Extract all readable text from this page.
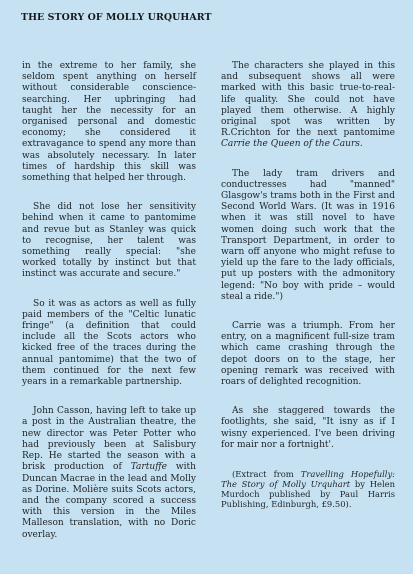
THE STORY OF MOLLY URQUHART

in the extreme to her family, she seldom spent anything on herself without considerable conscience-searching. Her upbringing had taught her the necessity for an organised personal and domestic economy; she considered it extravagance to spend any more than was absolutely necessary. In later times of hardship this skill was something that helped her through.

She did not lose her sensitivity behind when it came to pantomime and revue but as Stanley was quick to recognise, her talent was something really special: "she worked totally by instinct but that instinct was accurate and secure."

So it was as actors as well as fully paid members of the "Celtic lunatic fringe" (a definition that could include all the Scots actors who kicked free of the traces during the annual pantomime) that the two of them continued for the next few years in a remarkable partnership.

John Casson, having left to take up a post in the Australian theatre, the new director was Peter Potter who had previously been at Salisbury Rep. He started the season with a brisk production of Tartuffe with Duncan Macrae in the lead and Molly as Dorine. Molière suits Scots actors, and the company scored a success with this version in the Miles Malleson translation, with no Doric overlay.

The characters she played in this and subsequent shows all were marked with this basic true-to-real-life quality. She could not have played them otherwise. A highly original spot was written by R.Crichton for the next pantomime Carrie the Queen of the Caurs.

The lady tram drivers and conductresses had "manned" Glasgow's trams both in the First and Second World Wars. (It was in 1916 when it was still novel to have women doing such work that the Transport Department, in order to warn off anyone who might refuse to yield up the fare to the lady officials, put up posters with the admonitory legend: "No boy with pride – would steal a ride.")

Carrie was a triumph. From her entry, on a magnificent full-size tram which came crashing through the depot doors on to the stage, her opening remark was received with roars of delighted recognition.

As she staggered towards the footlights, she said, "It isny as if I wisny experienced. I've been driving for mair nor a fortnight'.

(Extract from Travelling Hopefully: The Story of Molly Urquhart by Helen Murdoch published by Paul Harris Publishing, Edinburgh, £9.50).
